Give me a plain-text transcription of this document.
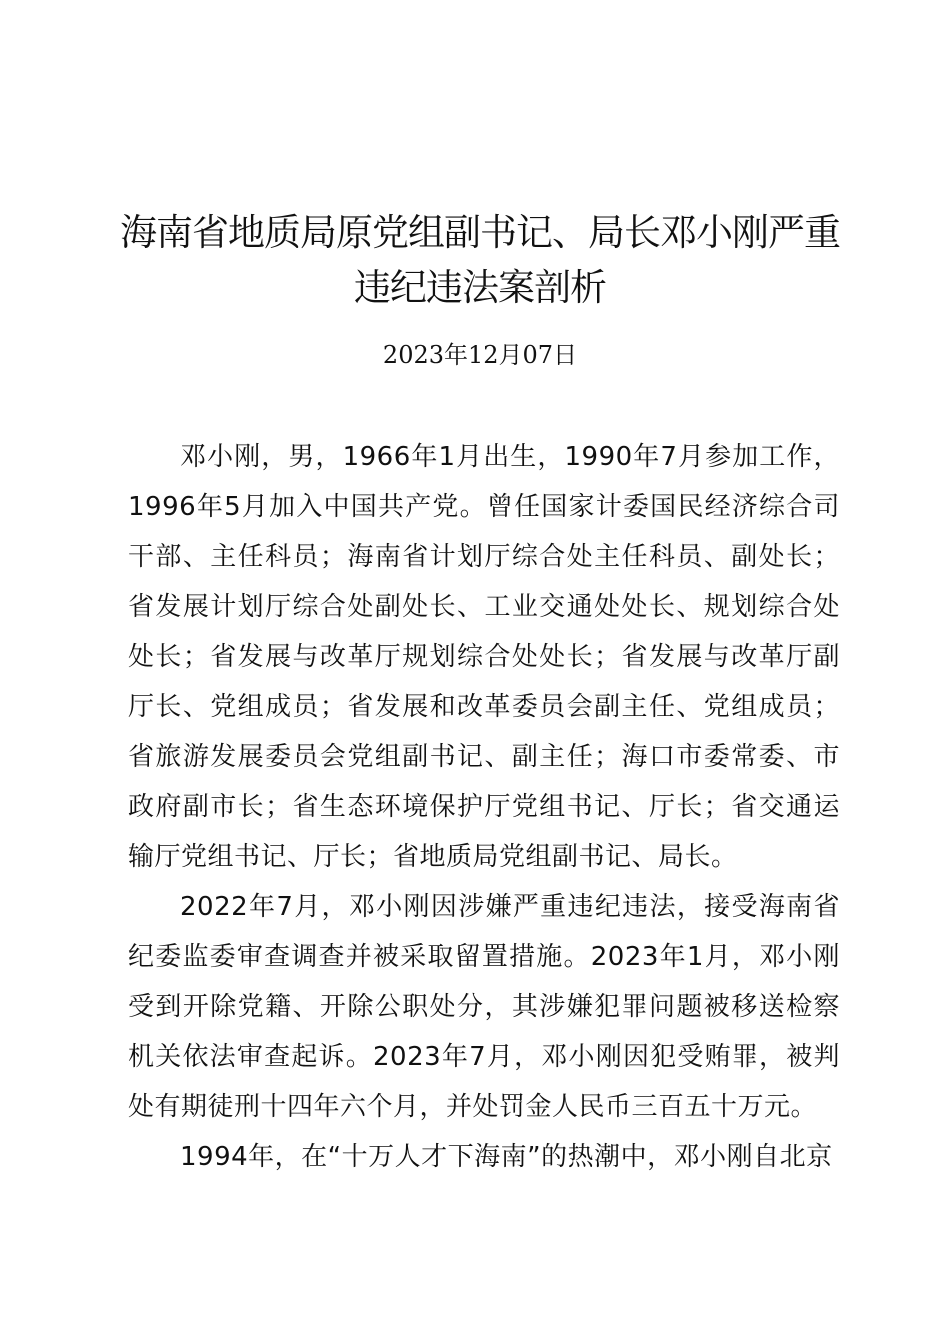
海南省地质局原党组副书记、局长邓小刚严重违纪违法案剖析
2023年12月07日

邓小刚，男，1966年1月出生，1990年7月参加工作，1996年5月加入中国共产党。曾任国家计委国民经济综合司干部、主任科员；海南省计划厅综合处主任科员、副处长；省发展计划厅综合处副处长、工业交通处处长、规划综合处处长；省发展与改革厅规划综合处处长；省发展与改革厅副厅长、党组成员；省发展和改革委员会副主任、党组成员；省旅游发展委员会党组副书记、副主任；海口市委常委、市政府副市长；省生态环境保护厅党组书记、厅长；省交通运输厅党组书记、厅长；省地质局党组副书记、局长。

2022年7月，邓小刚因涉嫌严重违纪违法，接受海南省纪委监委审查调查并被采取留置措施。2023年1月，邓小刚受到开除党籍、开除公职处分，其涉嫌犯罪问题被移送检察机关依法审查起诉。2023年7月，邓小刚因犯受贿罪，被判处有期徒刑十四年六个月，并处罚金人民币三百五十万元。

1994年，在“十万人才下海南”的热潮中，邓小刚自北京
